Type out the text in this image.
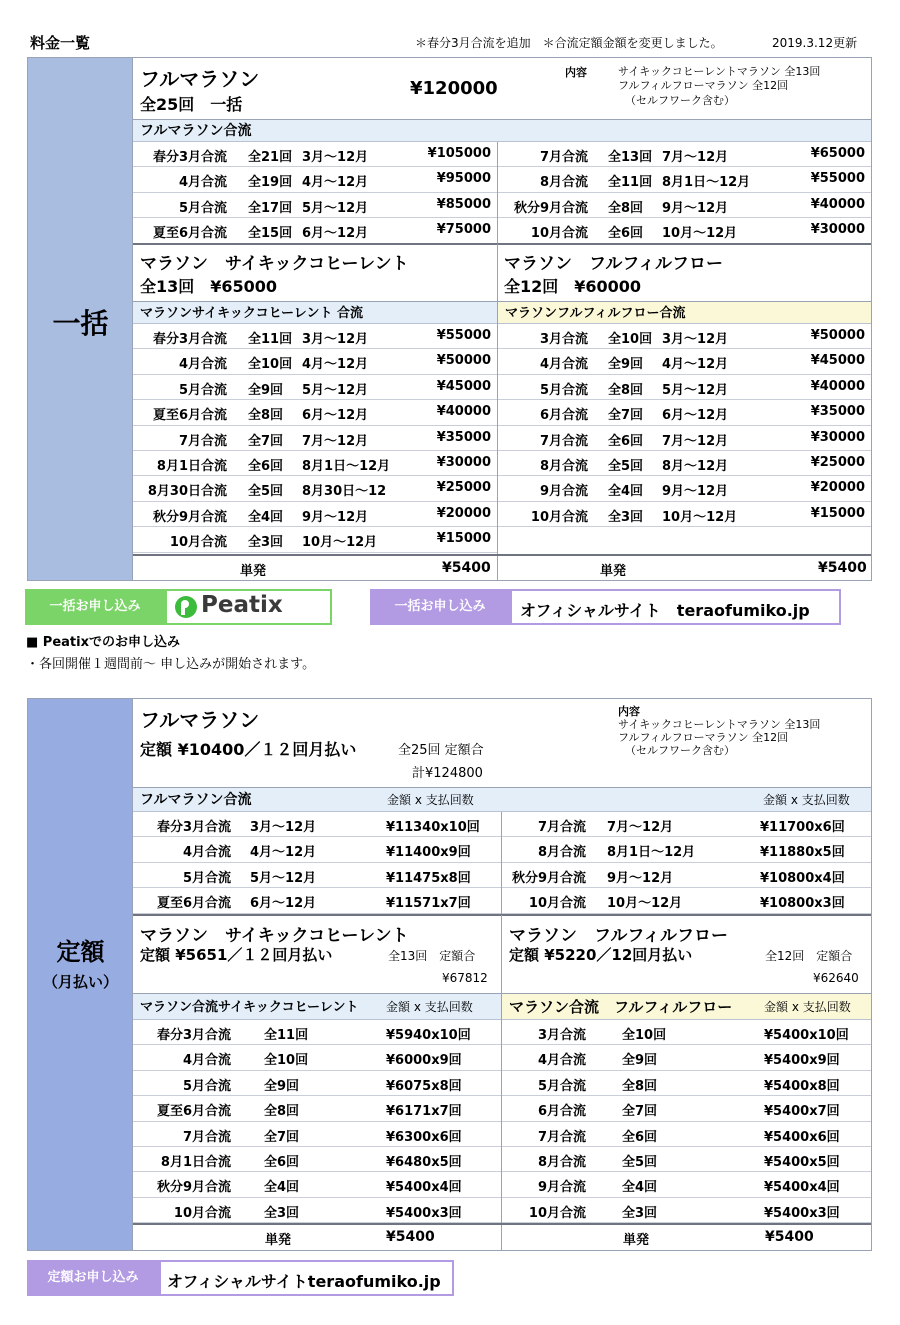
料金一覧	＊春分3月合流を追加　＊合流定額金額を変更しました。	2019.3.12更新
一括
フルマラソン
全25回　一括
¥120000
内容	サイキックコヒーレントマラソン 全13回
フルフィルフローマラソン 全12回
（セルフワーク含む）
フルマラソン合流
春分3月合流 全21回 3月〜12月	¥105000
4月合流 全19回 4月〜12月	¥95000
5月合流 全17回 5月〜12月	¥85000
夏至6月合流 全15回 6月〜12月	¥75000
7月合流 全13回 7月〜12月	¥65000
8月合流 全11回 8月1日〜12月	¥55000
秋分9月合流 全8回 9月〜12月	¥40000
10月合流 全6回 10月〜12月	¥30000
マラソン　サイキックコヒーレント
全13回　¥65000
マラソン　フルフィルフロー
全12回　¥60000
マラソンサイキックコヒーレント 合流	マラソンフルフィルフロー合流
春分3月合流 全11回 3月〜12月	¥55000
4月合流 全10回 4月〜12月	¥50000
5月合流 全9回 5月〜12月	¥45000
夏至6月合流 全8回 6月〜12月	¥40000
7月合流 全7回 7月〜12月	¥35000
8月1日合流 全6回 8月1日〜12月	¥30000
8月30日合流 全5回 8月30日〜12	¥25000
秋分9月合流 全4回 9月〜12月	¥20000
10月合流 全3回 10月〜12月	¥15000
3月合流 全10回 3月〜12月	¥50000
4月合流 全9回 4月〜12月	¥45000
5月合流 全8回 5月〜12月	¥40000
6月合流 全7回 6月〜12月	¥35000
7月合流 全6回 7月〜12月	¥30000
8月合流 全5回 8月〜12月	¥25000
9月合流 全4回 9月〜12月	¥20000
10月合流 全3回 10月〜12月	¥15000
単発	¥5400	単発	¥5400
一括お申し込み	Peatix	一括お申し込み	オフィシャルサイト　teraofumiko.jp
■ Peatixでのお申し込み
・各回開催１週間前〜 申し込みが開始されます。
定額
（月払い）
フルマラソン
定額 ¥10400／１２回月払い	全25回 定額合
計¥124800
内容
サイキックコヒーレントマラソン 全13回
フルフィルフローマラソン 全12回
（セルフワーク含む）
フルマラソン合流	金額 x 支払回数	金額 x 支払回数
春分3月合流 3月〜12月	¥11340x10回
4月合流 4月〜12月	¥11400x9回
5月合流 5月〜12月	¥11475x8回
夏至6月合流 6月〜12月	¥11571x7回
7月合流 7月〜12月	¥11700x6回
8月合流 8月1日〜12月	¥11880x5回
秋分9月合流 9月〜12月	¥10800x4回
10月合流 10月〜12月	¥10800x3回
マラソン　サイキックコヒーレント
定額 ¥5651／１２回月払い	全13回　定額合
¥67812
マラソン　フルフィルフロー
定額 ¥5220／12回月払い	全12回　定額合
¥62640
マラソン合流サイキックコヒーレント 金額 x 支払回数	マラソン合流　フルフィルフロー	金額 x 支払回数
春分3月合流	全11回	¥5940x10回
4月合流	全10回	¥6000x9回
5月合流	全9回	¥6075x8回
夏至6月合流	全8回	¥6171x7回
7月合流	全7回	¥6300x6回
8月1日合流	全6回	¥6480x5回
秋分9月合流	全4回	¥5400x4回
10月合流	全3回	¥5400x3回
3月合流	全10回	¥5400x10回
4月合流	全9回	¥5400x9回
5月合流	全8回	¥5400x8回
6月合流	全7回	¥5400x7回
7月合流	全6回	¥5400x6回
8月合流	全5回	¥5400x5回
9月合流	全4回	¥5400x4回
10月合流	全3回	¥5400x3回
単発	¥5400	単発	¥5400
定額お申し込み	オフィシャルサイトteraofumiko.jp
